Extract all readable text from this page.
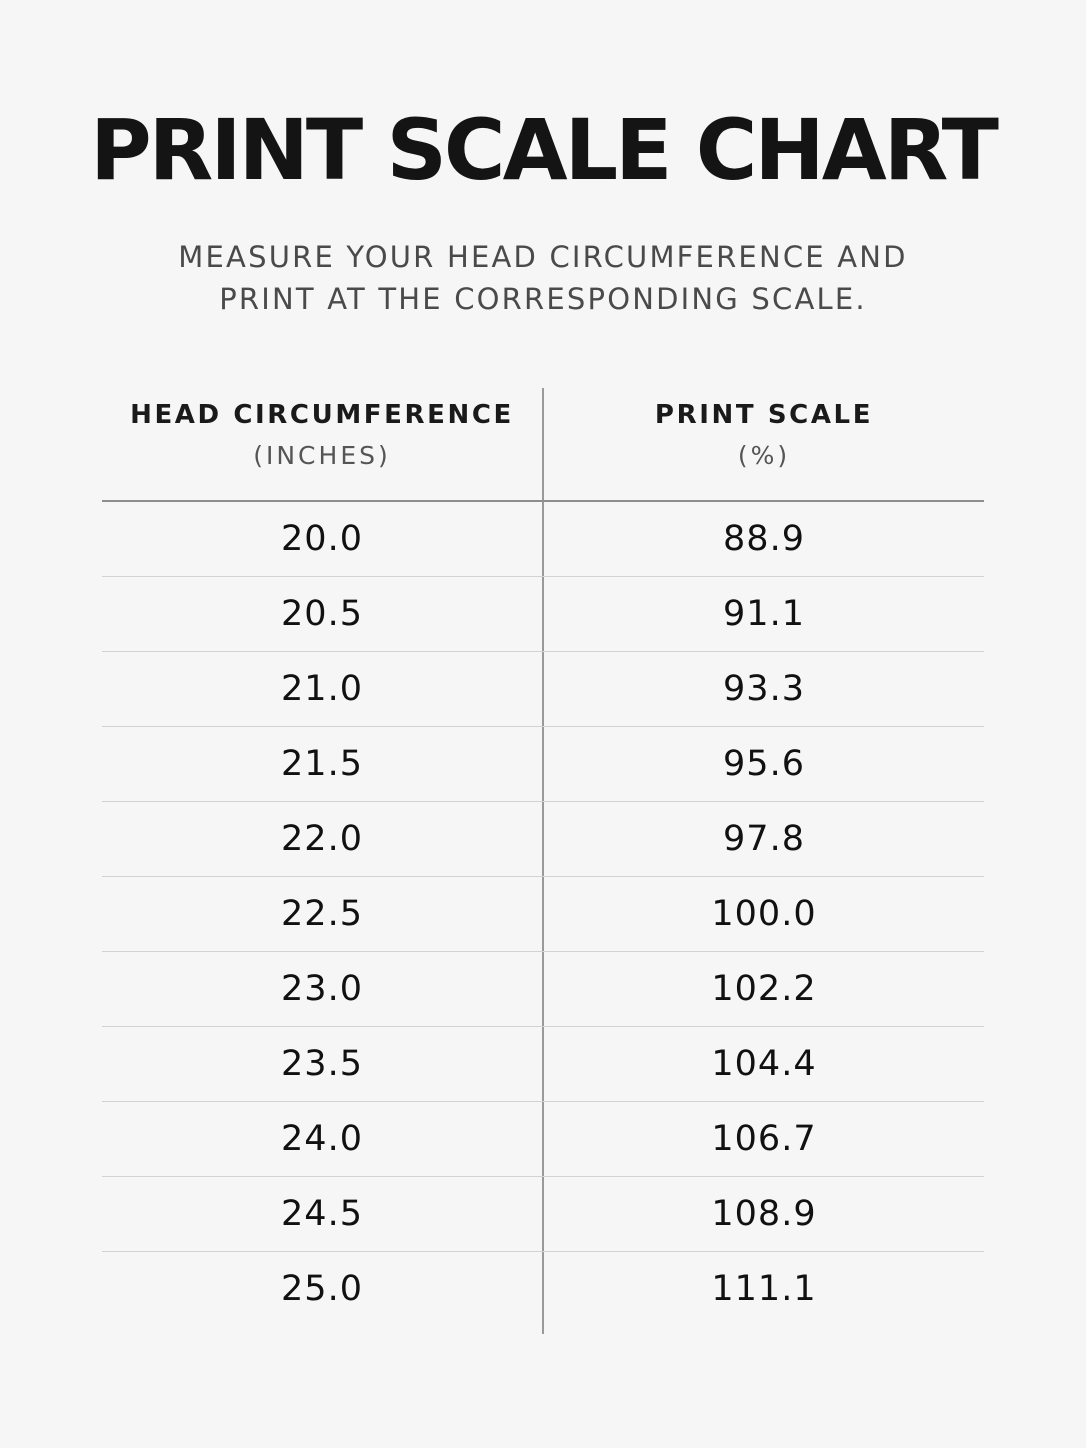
PRINT SCALE CHART
MEASURE YOUR HEAD CIRCUMFERENCE AND
PRINT AT THE CORRESPONDING SCALE.
HEAD CIRCUMFERENCE
(INCHES)
PRINT SCALE
(%)
20.0	88.9
20.5	91.1
21.0	93.3
21.5	95.6
22.0	97.8
22.5	100.0
23.0	102.2
23.5	104.4
24.0	106.7
24.5	108.9
25.0	111.1
